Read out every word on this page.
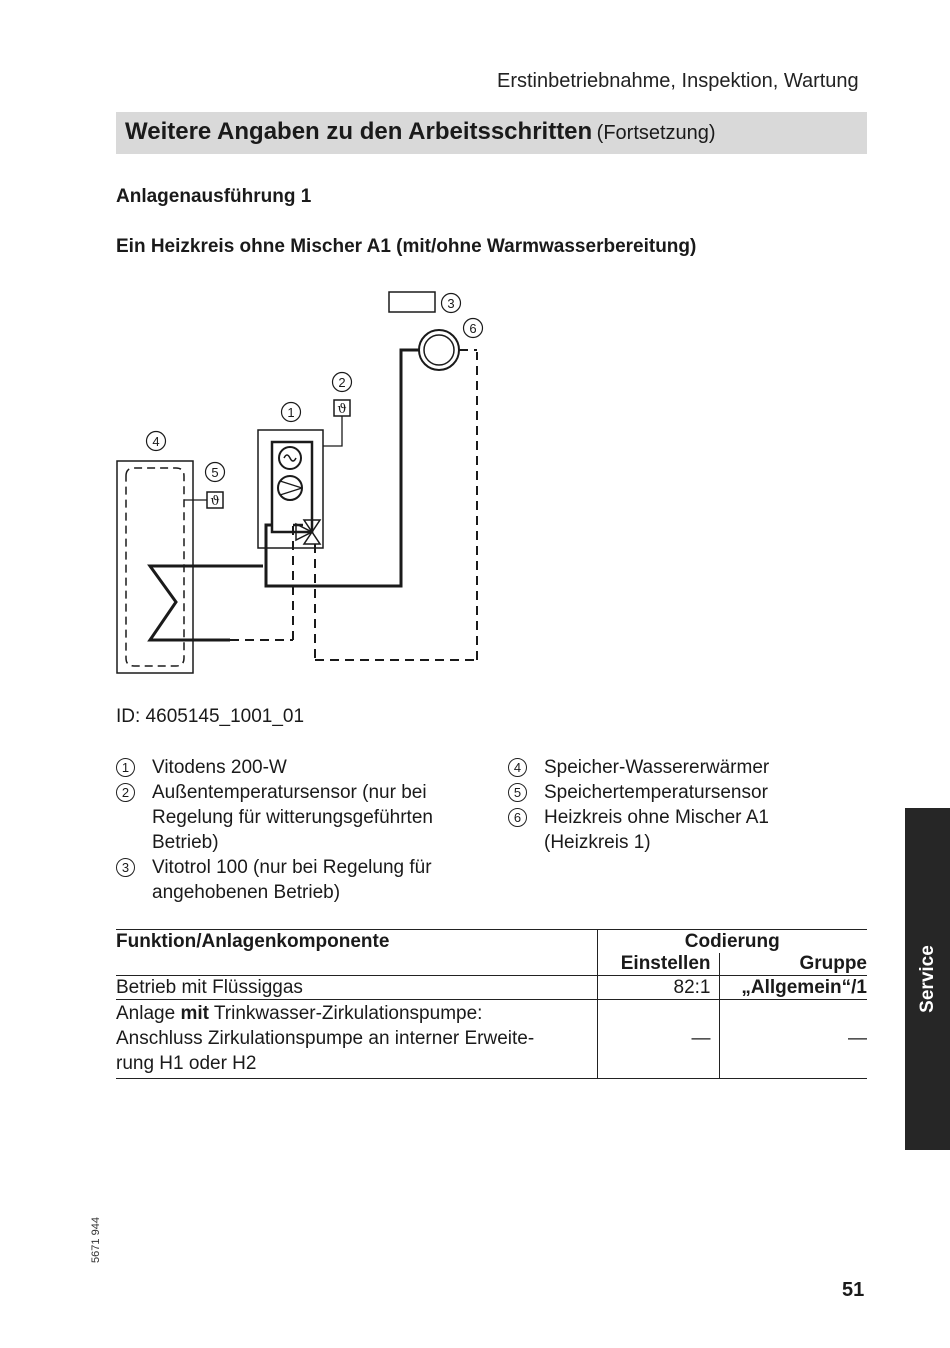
Erstinbetriebnahme, Inspektion, Wartung
Weitere Angaben zu den Arbeitsschritten (Fortsetzung)
Anlagenausführung 1
Ein Heizkreis ohne Mischer A1 (mit/ohne Warmwasserbereitung)
ϑ
ϑ
1
2
3
4
5
6
ID: 4605145_1001_01
1	Vitodens 200-W
2	Außentemperatursensor (nur bei Regelung für witterungsgeführten Betrieb)
3	Vitotrol 100 (nur bei Regelung für angehobenen Betrieb)
4	Speicher-Wassererwärmer
5	Speichertemperatursensor
6	Heizkreis ohne Mischer A1 (Heizkreis 1)
Funktion/Anlagenkomponente	Codierung	
	Einstellen	Gruppe
Betrieb mit Flüssiggas	82:1	„Allgemein“/1
Anlage mit Trinkwasser-Zirkulationspumpe:
Anschluss Zirkulationspumpe an interner Erweite-
rung H1 oder H2	—	—
Service
5671 944
51
